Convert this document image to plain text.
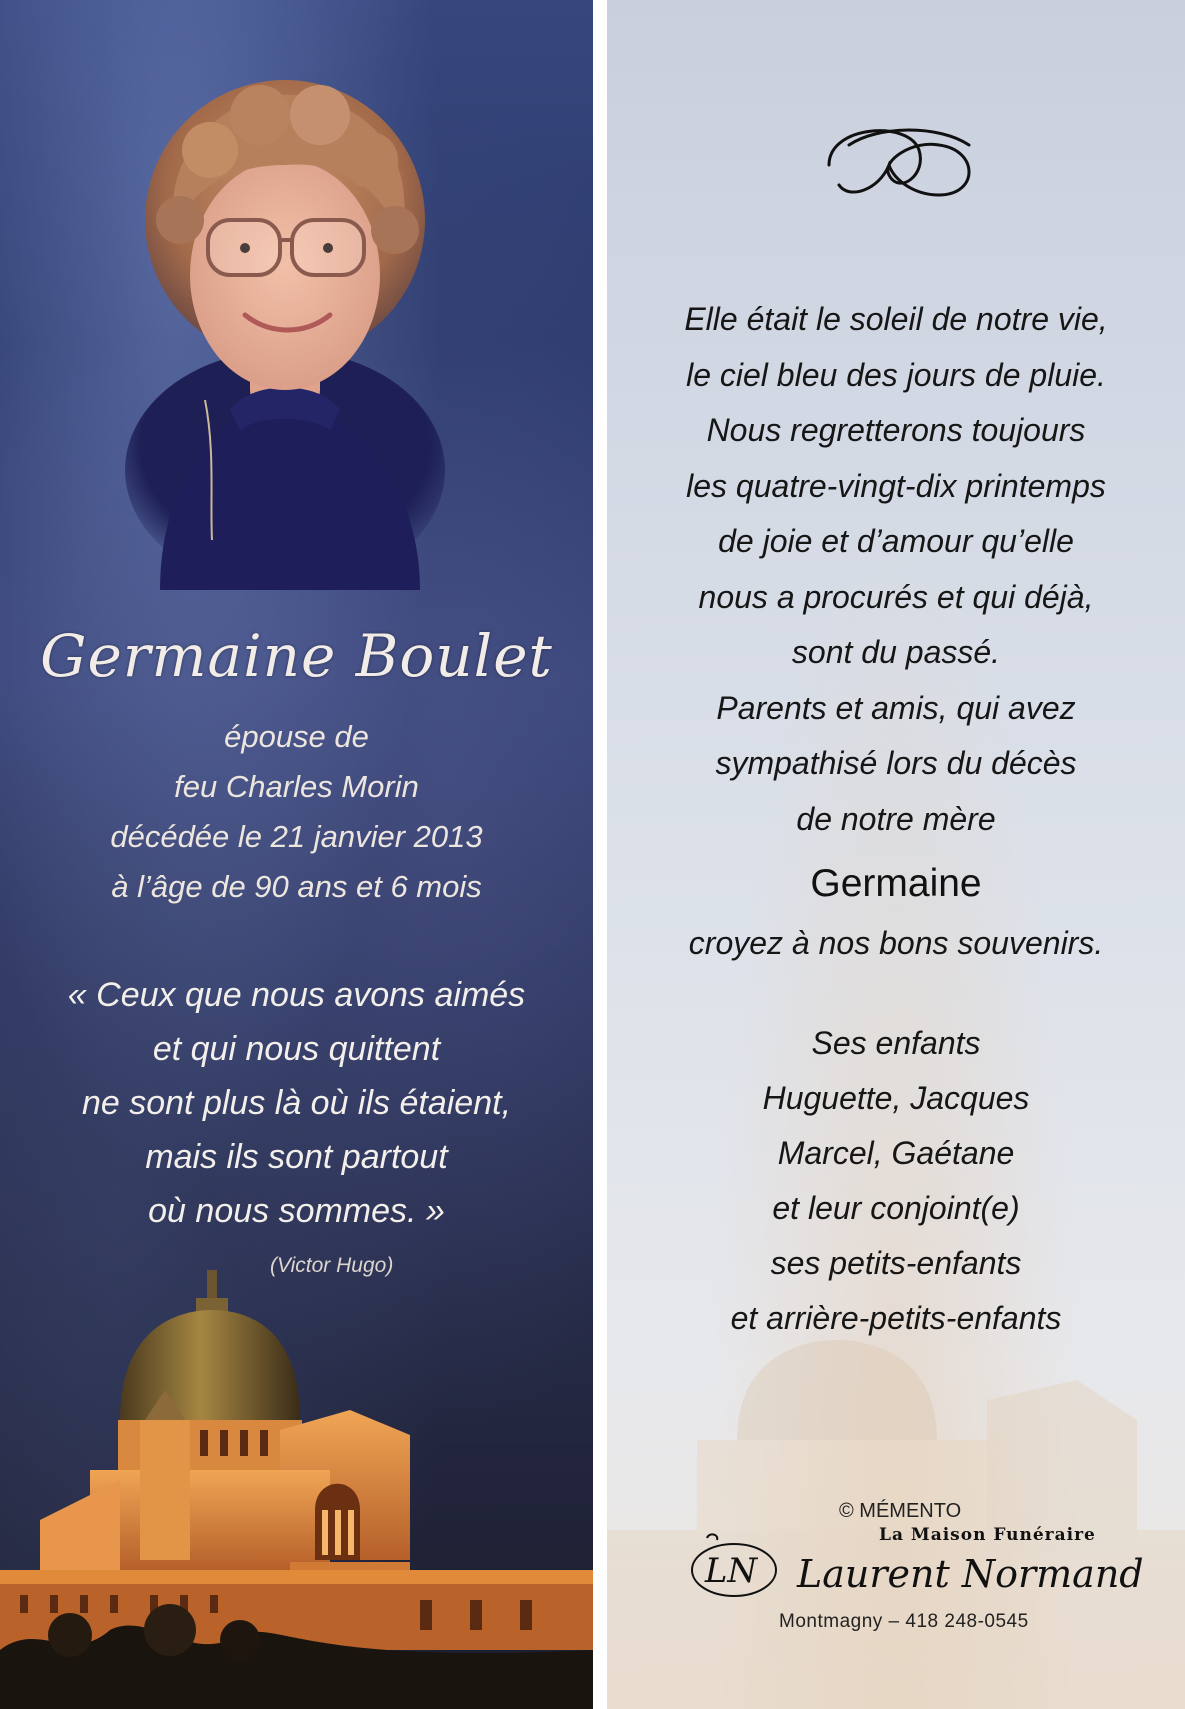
Germaine Boulet
épouse de
feu Charles Morin
décédée le 21 janvier 2013
à l’âge de 90 ans et 6 mois
« Ceux que nous avons aimés
et qui nous quittent
ne sont plus là où ils étaient,
mais ils sont partout
où nous sommes. »
(Victor Hugo)
Elle était le soleil de notre vie,
le ciel bleu des jours de pluie.
Nous regretterons toujours
les quatre-vingt-dix printemps
de joie et d’amour qu’elle
nous a procurés et qui déjà,
sont du passé.
Parents et amis, qui avez
sympathisé lors du décès
de notre mère
Germaine
croyez à nos bons souvenirs.
Ses enfants
Huguette, Jacques
Marcel, Gaétane
et leur conjoint(e)
ses petits-enfants
et arrière-petits-enfants
© MÉMENTO
La Maison Funéraire
LN Laurent Normand
Montmagny – 418 248-0545
